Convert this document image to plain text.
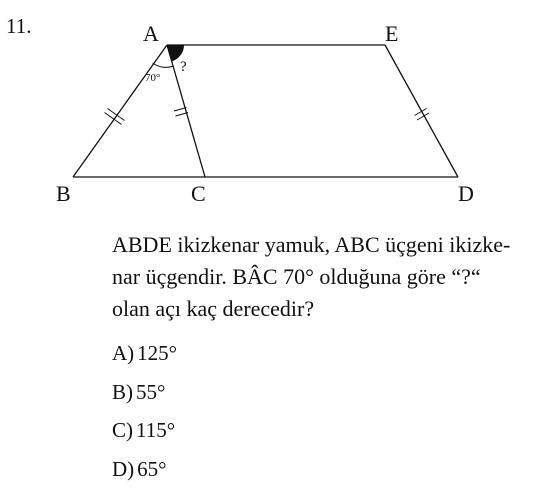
11.	A	E
B	C	D
70°
?

ABDE ikizkenar yamuk, ABC üçgeni ikizke-

nar üçgendir. BÂC 70° olduğuna göre “?“

olan açı kaç derecedir?

A) 125°
B) 55°
C) 115°
D) 65°
